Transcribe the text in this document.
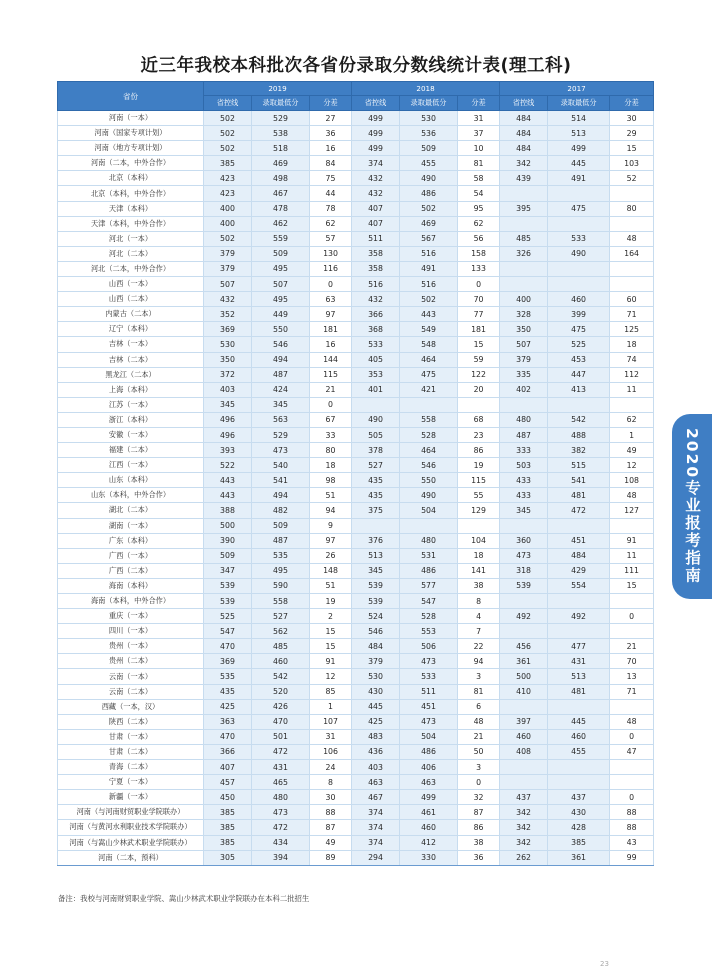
近三年我校本科批次各省份录取分数线统计表(理工科)
省份	2019			2018			2017		
	省控线	录取最低分	分差	省控线	录取最低分	分差	省控线	录取最低分	分差
河南（一本）	502	529	27	499	530	31	484	514	30
河南（国家专项计划）	502	538	36	499	536	37	484	513	29
河南（地方专项计划）	502	518	16	499	509	10	484	499	15
河南（二本，中外合作）	385	469	84	374	455	81	342	445	103
北京（本科）	423	498	75	432	490	58	439	491	52
北京（本科，中外合作）	423	467	44	432	486	54			
天津（本科）	400	478	78	407	502	95	395	475	80
天津（本科，中外合作）	400	462	62	407	469	62			
河北（一本）	502	559	57	511	567	56	485	533	48
河北（二本）	379	509	130	358	516	158	326	490	164
河北（二本，中外合作）	379	495	116	358	491	133			
山西（一本）	507	507	0	516	516	0			
山西（二本）	432	495	63	432	502	70	400	460	60
内蒙古（二本）	352	449	97	366	443	77	328	399	71
辽宁（本科）	369	550	181	368	549	181	350	475	125
吉林（一本）	530	546	16	533	548	15	507	525	18
吉林（二本）	350	494	144	405	464	59	379	453	74
黑龙江（二本）	372	487	115	353	475	122	335	447	112
上海（本科）	403	424	21	401	421	20	402	413	11
江苏（一本）	345	345	0						
浙江（本科）	496	563	67	490	558	68	480	542	62
安徽（一本）	496	529	33	505	528	23	487	488	1
福建（二本）	393	473	80	378	464	86	333	382	49
江西（一本）	522	540	18	527	546	19	503	515	12
山东（本科）	443	541	98	435	550	115	433	541	108
山东（本科，中外合作）	443	494	51	435	490	55	433	481	48
湖北（二本）	388	482	94	375	504	129	345	472	127
湖南（一本）	500	509	9						
广东（本科）	390	487	97	376	480	104	360	451	91
广西（一本）	509	535	26	513	531	18	473	484	11
广西（二本）	347	495	148	345	486	141	318	429	111
海南（本科）	539	590	51	539	577	38	539	554	15
海南（本科，中外合作）	539	558	19	539	547	8			
重庆（一本）	525	527	2	524	528	4	492	492	0
四川（一本）	547	562	15	546	553	7			
贵州（一本）	470	485	15	484	506	22	456	477	21
贵州（二本）	369	460	91	379	473	94	361	431	70
云南（一本）	535	542	12	530	533	3	500	513	13
云南（二本）	435	520	85	430	511	81	410	481	71
西藏（一本，汉）	425	426	1	445	451	6			
陕西（二本）	363	470	107	425	473	48	397	445	48
甘肃（一本）	470	501	31	483	504	21	460	460	0
甘肃（二本）	366	472	106	436	486	50	408	455	47
青海（二本）	407	431	24	403	406	3			
宁夏（一本）	457	465	8	463	463	0			
新疆（一本）	450	480	30	467	499	32	437	437	0
河南（与河南财贸职业学院联办）	385	473	88	374	461	87	342	430	88
河南（与黄河水利职业技术学院联办）	385	472	87	374	460	86	342	428	88
河南（与嵩山少林武术职业学院联办）	385	434	49	374	412	38	342	385	43
河南（二本，预科）	305	394	89	294	330	36	262	361	99
备注：我校与河南财贸职业学院、嵩山少林武术职业学院联办在本科二批招生
2020专业报考指南
23
